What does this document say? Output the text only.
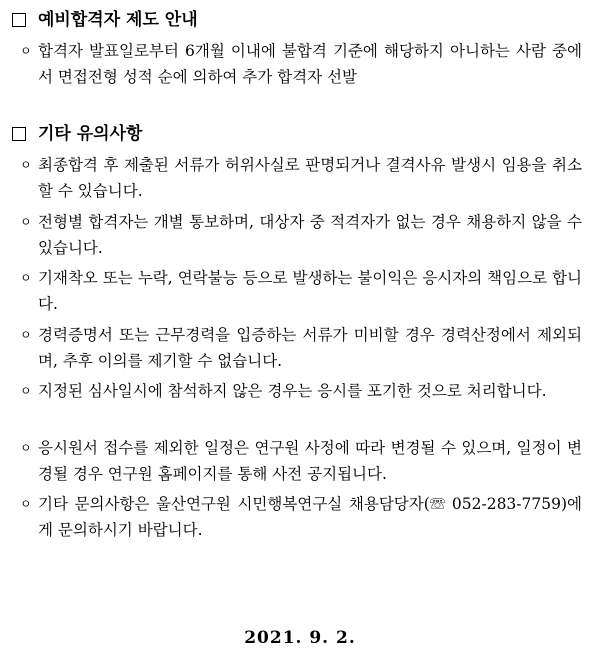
예비합격자 제도 안내
ㅇ 합격자 발표일로부터 6개월 이내에 불합격 기준에 해당하지 아니하는 사람 중에서 면접전형 성적 순에 의하여 추가 합격자 선발
기타 유의사항
ㅇ 최종합격 후 제출된 서류가 허위사실로 판명되거나 결격사유 발생시 임용을 취소할 수 있습니다.
ㅇ 전형별 합격자는 개별 통보하며, 대상자 중 적격자가 없는 경우 채용하지 않을 수 있습니다.
ㅇ 기재착오 또는 누락, 연락불능 등으로 발생하는 불이익은 응시자의 책임으로 합니다.
ㅇ 경력증명서 또는 근무경력을 입증하는 서류가 미비할 경우 경력산정에서 제외되며, 추후 이의를 제기할 수 없습니다.
ㅇ 지정된 심사일시에 참석하지 않은 경우는 응시를 포기한 것으로 처리합니다.
ㅇ 응시원서 접수를 제외한 일정은 연구원 사정에 따라 변경될 수 있으며, 일정이 변경될 경우 연구원 홈페이지를 통해 사전 공지됩니다.
ㅇ 기타 문의사항은 울산연구원 시민행복연구실 채용담당자(☏ 052-283-7759)에게 문의하시기 바랍니다.
2021. 9. 2.
